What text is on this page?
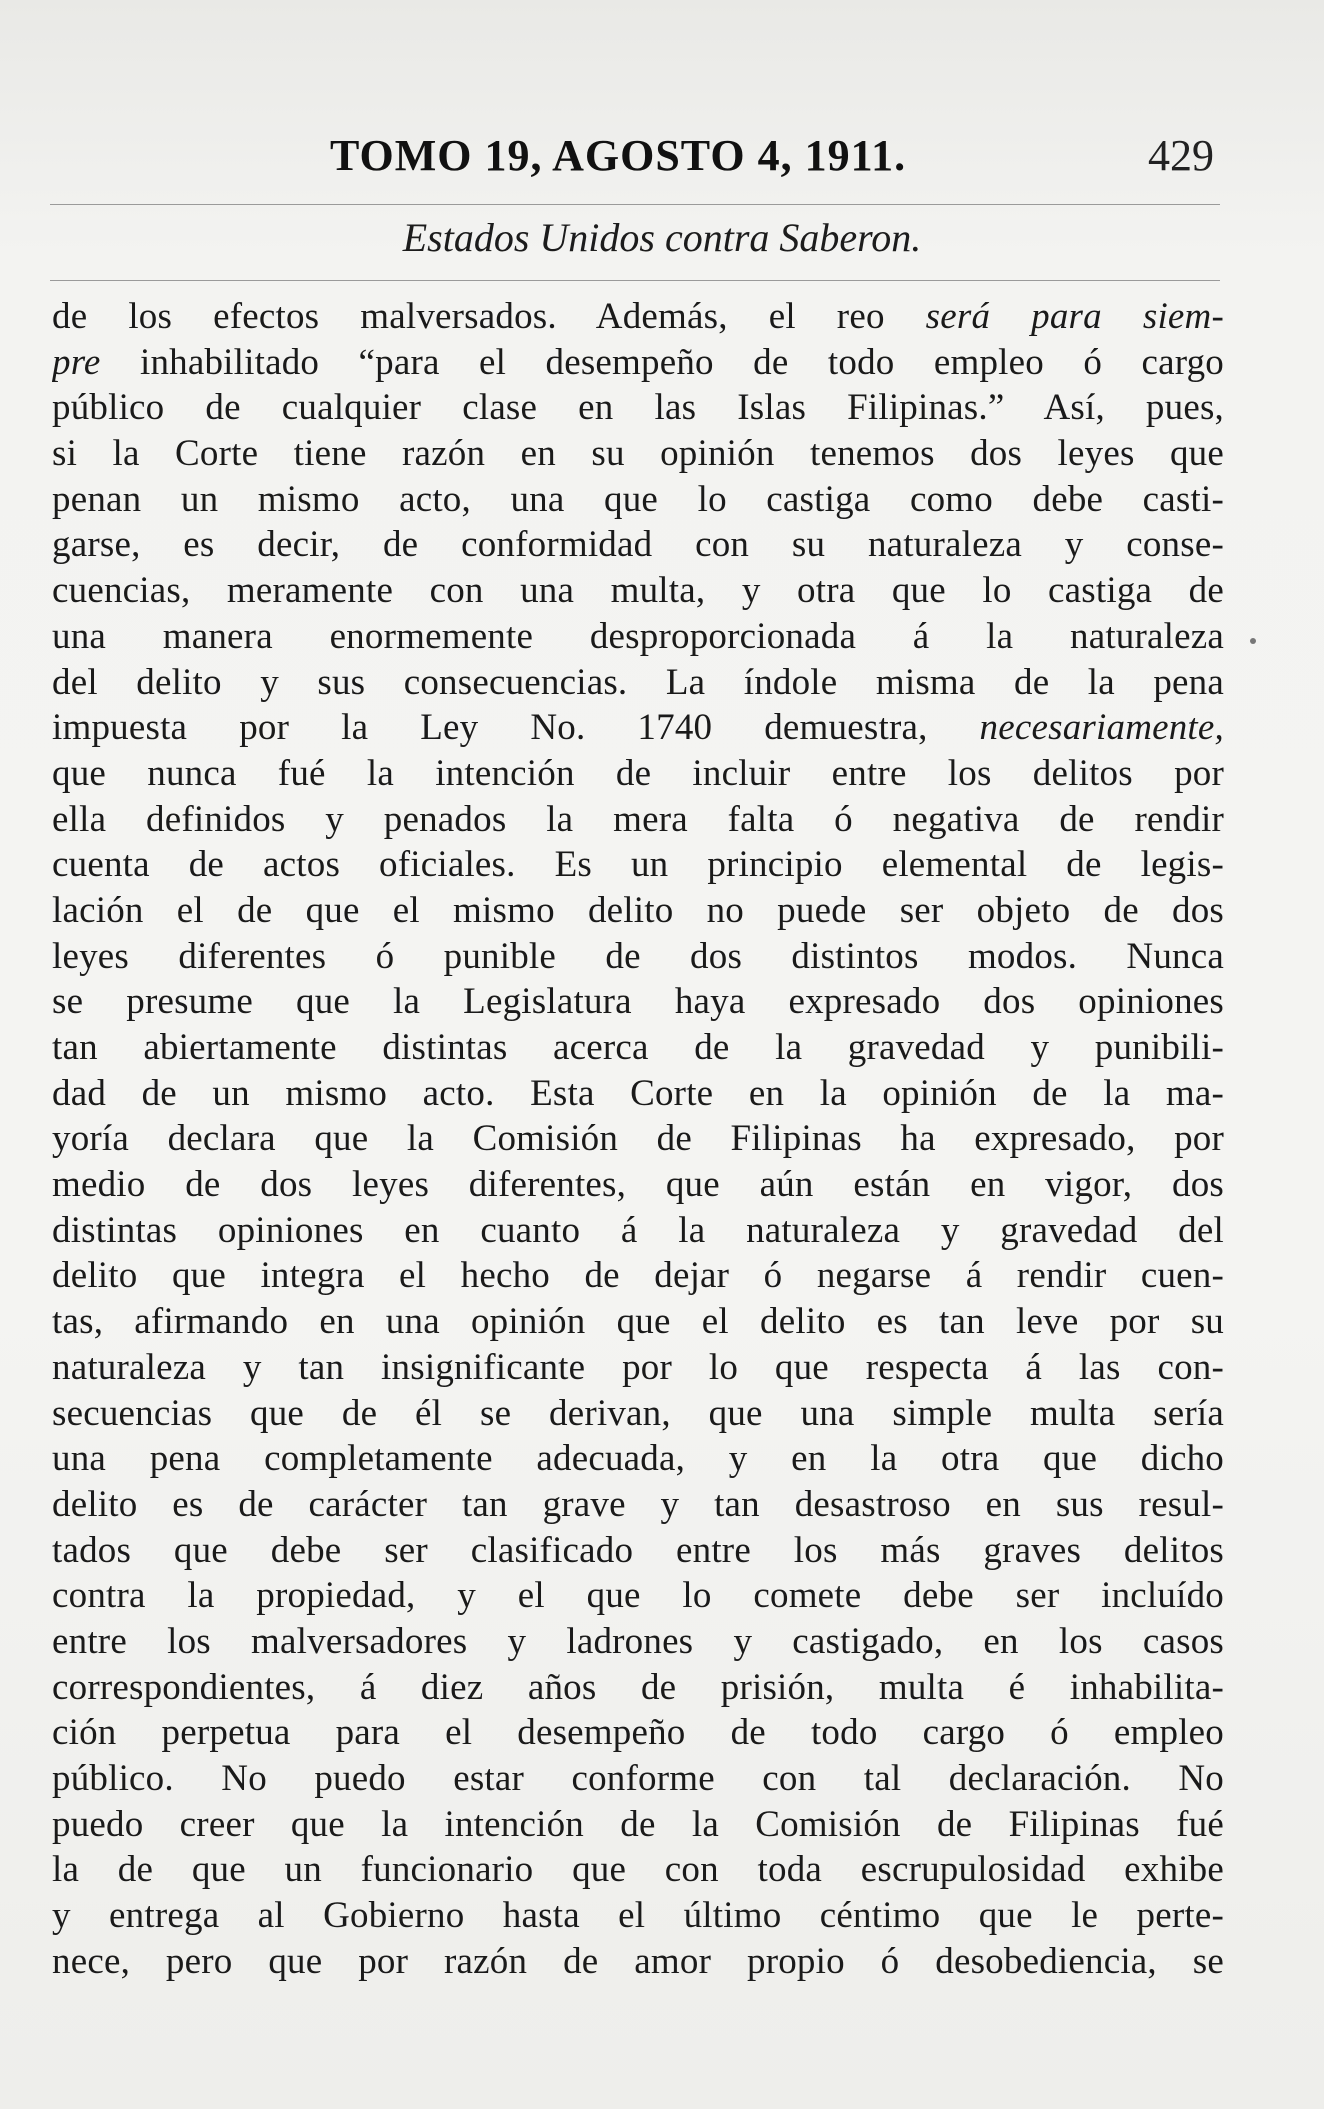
TOMO 19, AGOSTO 4, 1911.	429
Estados Unidos contra Saberon.
de los efectos malversados. Además, el reo será para siem-
pre inhabilitado “para el desempeño de todo empleo ó cargo
público de cualquier clase en las Islas Filipinas.” Así, pues,
si la Corte tiene razón en su opinión tenemos dos leyes que
penan un mismo acto, una que lo castiga como debe casti-
garse, es decir, de conformidad con su naturaleza y conse-
cuencias, meramente con una multa, y otra que lo castiga de
una manera enormemente desproporcionada á la naturaleza
del delito y sus consecuencias. La índole misma de la pena
impuesta por la Ley No. 1740 demuestra, necesariamente,
que nunca fué la intención de incluir entre los delitos por
ella definidos y penados la mera falta ó negativa de rendir
cuenta de actos oficiales. Es un principio elemental de legis-
lación el de que el mismo delito no puede ser objeto de dos
leyes diferentes ó punible de dos distintos modos. Nunca
se presume que la Legislatura haya expresado dos opiniones
tan abiertamente distintas acerca de la gravedad y punibili-
dad de un mismo acto. Esta Corte en la opinión de la ma-
yoría declara que la Comisión de Filipinas ha expresado, por
medio de dos leyes diferentes, que aún están en vigor, dos
distintas opiniones en cuanto á la naturaleza y gravedad del
delito que integra el hecho de dejar ó negarse á rendir cuen-
tas, afirmando en una opinión que el delito es tan leve por su
naturaleza y tan insignificante por lo que respecta á las con-
secuencias que de él se derivan, que una simple multa sería
una pena completamente adecuada, y en la otra que dicho
delito es de carácter tan grave y tan desastroso en sus resul-
tados que debe ser clasificado entre los más graves delitos
contra la propiedad, y el que lo comete debe ser incluído
entre los malversadores y ladrones y castigado, en los casos
correspondientes, á diez años de prisión, multa é inhabilita-
ción perpetua para el desempeño de todo cargo ó empleo
público. No puedo estar conforme con tal declaración. No
puedo creer que la intención de la Comisión de Filipinas fué
la de que un funcionario que con toda escrupulosidad exhibe
y entrega al Gobierno hasta el último céntimo que le perte-
nece, pero que por razón de amor propio ó desobediencia, se
